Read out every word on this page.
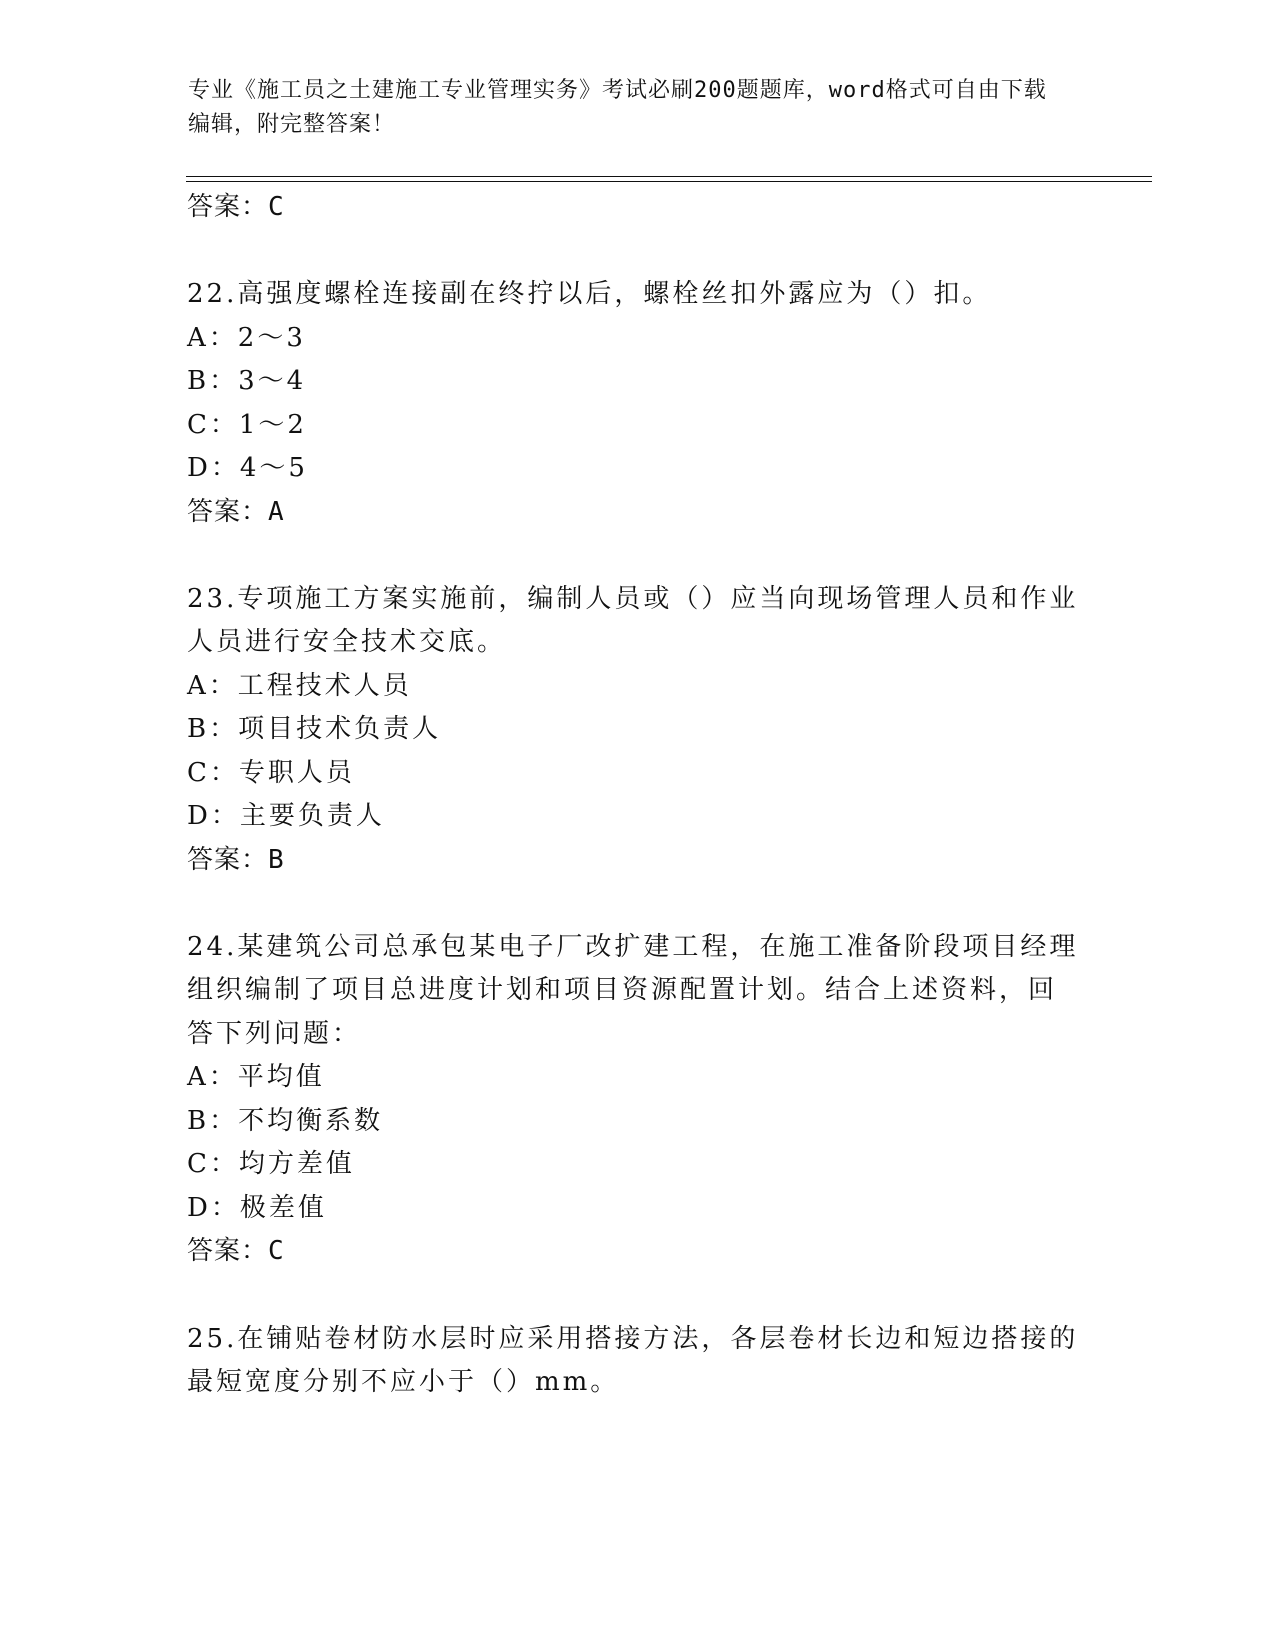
专业《施工员之土建施工专业管理实务》考试必刷200题题库，word格式可自由下载编辑，附完整答案！
答案：C
22.高强度螺栓连接副在终拧以后，螺栓丝扣外露应为（）扣。
A：2～3
B：3～4
C：1～2
D：4～5
答案：A
23.专项施工方案实施前，编制人员或（）应当向现场管理人员和作业
人员进行安全技术交底。
A：工程技术人员
B：项目技术负责人
C：专职人员
D：主要负责人
答案：B
24.某建筑公司总承包某电子厂改扩建工程，在施工准备阶段项目经理
组织编制了项目总进度计划和项目资源配置计划。结合上述资料，回
答下列问题：
A：平均值
B：不均衡系数
C：均方差值
D：极差值
答案：C
25.在铺贴卷材防水层时应采用搭接方法，各层卷材长边和短边搭接的
最短宽度分别不应小于（）mm。
